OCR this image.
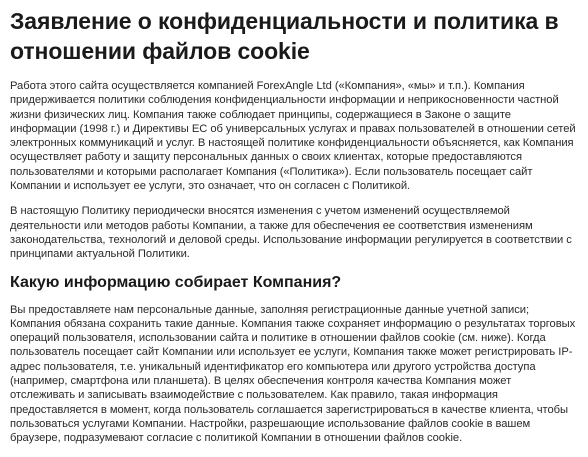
Заявление о конфиденциальности и политика в отношении файлов cookie

Работа этого сайта осуществляется компанией ForexAngle Ltd («Компания», «мы» и т.п.). Компания придерживается политики соблюдения конфиденциальности информации и неприкосновенности частной жизни физических лиц. Компания также соблюдает принципы, содержащиеся в Законе о защите информации (1998 г.) и Директивы ЕС об универсальных услугах и правах пользователей в отношении сетей электронных коммуникаций и услуг. В настоящей политике конфиденциальности объясняется, как Компания осуществляет работу и защиту персональных данных о своих клиентах, которые предоставляются пользователями и которыми располагает Компания («Политика»). Если пользователь посещает сайт Компании и использует ее услуги, это означает, что он согласен с Политикой.

В настоящую Политику периодически вносятся изменения с учетом изменений осуществляемой деятельности или методов работы Компании, а также для обеспечения ее соответствия изменениям законодательства, технологий и деловой среды. Использование информации регулируется в соответствии с принципами актуальной Политики.

Какую информацию собирает Компания?

Вы предоставляете нам персональные данные, заполняя регистрационные данные учетной записи; Компания обязана сохранить такие данные. Компания также сохраняет информацию о результатах торговых операций пользователя, использовании сайта и политике в отношении файлов cookie (см. ниже). Когда пользователь посещает сайт Компании или использует ее услуги, Компания также может регистрировать IP-адрес пользователя, т.е. уникальный идентификатор его компьютера или другого устройства доступа (например, смартфона или планшета). В целях обеспечения контроля качества Компания может отслеживать и записывать взаимодействие с пользователем. Как правило, такая информация предоставляется в момент, когда пользователь соглашается зарегистрироваться в качестве клиента, чтобы пользоваться услугами Компании. Настройки, разрешающие использование файлов cookie в вашем браузере, подразумевают согласие с политикой Компании в отношении файлов cookie.
